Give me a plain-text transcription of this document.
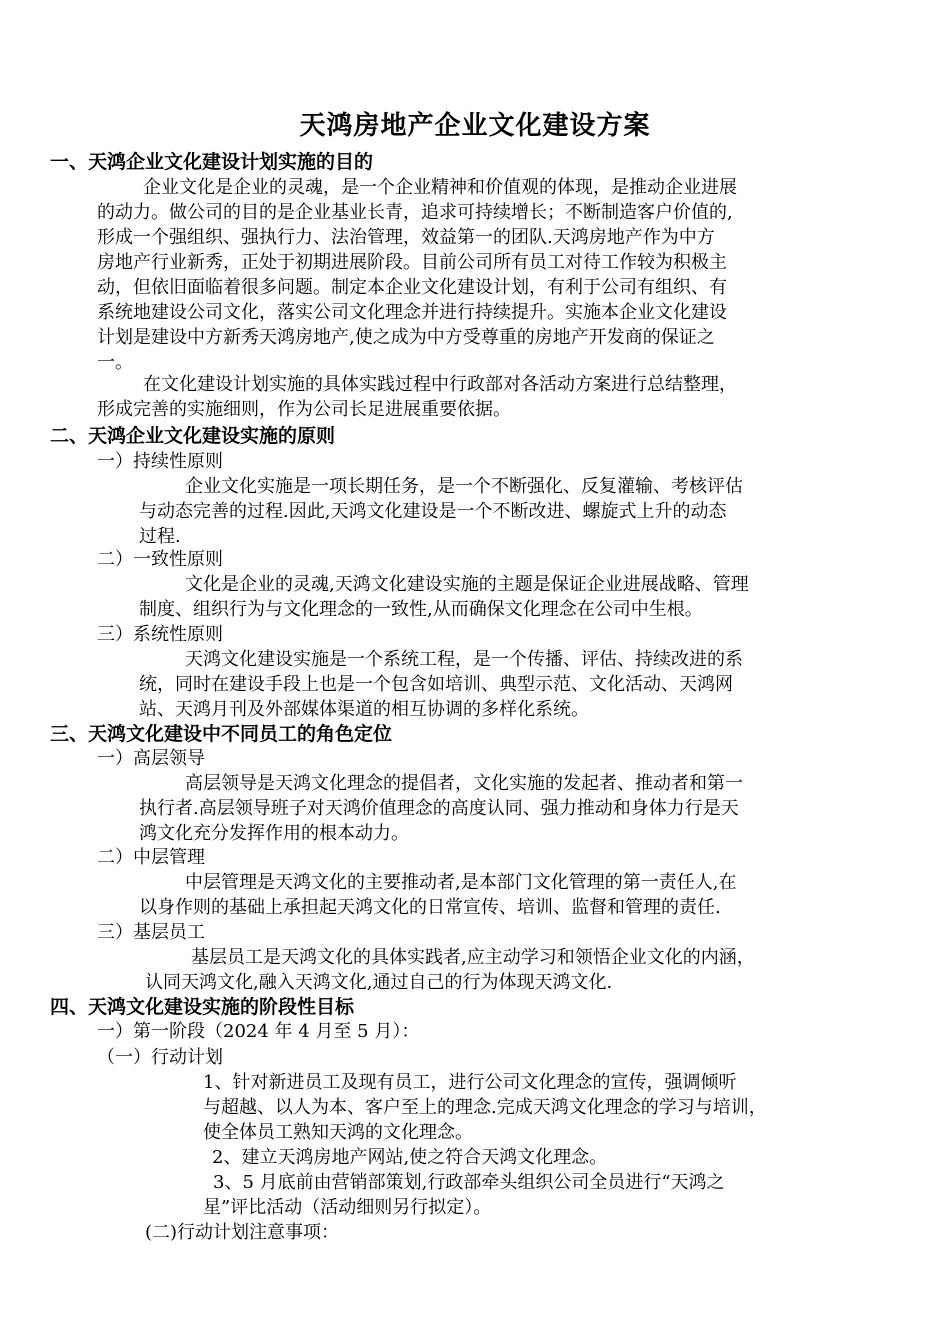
天鸿房地产企业文化建设方案
一、天鸿企业文化建设计划实施的目的
企业文化是企业的灵魂，是一个企业精神和价值观的体现，是推动企业进展
的动力。做公司的目的是企业基业长青，追求可持续增长；不断制造客户价值的,
形成一个强组织、强执行力、法治管理，效益第一的团队.天鸿房地产作为中方
房地产行业新秀，正处于初期进展阶段。目前公司所有员工对待工作较为积极主
动，但依旧面临着很多问题。制定本企业文化建设计划，有利于公司有组织、有
系统地建设公司文化，落实公司文化理念并进行持续提升。实施本企业文化建设
计划是建设中方新秀天鸿房地产,使之成为中方受尊重的房地产开发商的保证之
一。
在文化建设计划实施的具体实践过程中行政部对各活动方案进行总结整理，
形成完善的实施细则，作为公司长足进展重要依据。
二、天鸿企业文化建设实施的原则
一）持续性原则
企业文化实施是一项长期任务，是一个不断强化、反复灌输、考核评估
与动态完善的过程.因此,天鸿文化建设是一个不断改进、螺旋式上升的动态
过程.
二）一致性原则
文化是企业的灵魂,天鸿文化建设实施的主题是保证企业进展战略、管理
制度、组织行为与文化理念的一致性,从而确保文化理念在公司中生根。
三）系统性原则
天鸿文化建设实施是一个系统工程，是一个传播、评估、持续改进的系
统，同时在建设手段上也是一个包含如培训、典型示范、文化活动、天鸿网
站、天鸿月刊及外部媒体渠道的相互协调的多样化系统。
三、天鸿文化建设中不同员工的角色定位
一）高层领导
高层领导是天鸿文化理念的提倡者，文化实施的发起者、推动者和第一
执行者.高层领导班子对天鸿价值理念的高度认同、强力推动和身体力行是天
鸿文化充分发挥作用的根本动力。
二）中层管理
中层管理是天鸿文化的主要推动者,是本部门文化管理的第一责任人,在
以身作则的基础上承担起天鸿文化的日常宣传、培训、监督和管理的责任.
三）基层员工
基层员工是天鸿文化的具体实践者,应主动学习和领悟企业文化的内涵，
认同天鸿文化,融入天鸿文化,通过自己的行为体现天鸿文化.
四、天鸿文化建设实施的阶段性目标
一）第一阶段（2024 年 4 月至 5 月）：
（一）行动计划
1、针对新进员工及现有员工，进行公司文化理念的宣传，强调倾听
与超越、以人为本、客户至上的理念.完成天鸿文化理念的学习与培训，
使全体员工熟知天鸿的文化理念。
2、建立天鸿房地产网站,使之符合天鸿文化理念。
3、5 月底前由营销部策划,行政部牵头组织公司全员进行“天鸿之
星”评比活动（活动细则另行拟定）。
(二)行动计划注意事项：
